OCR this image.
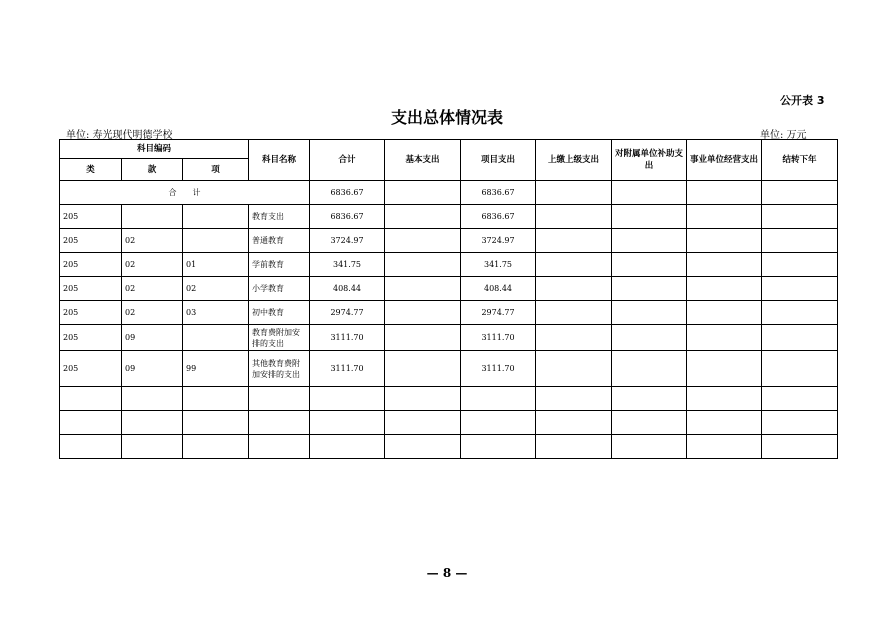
公开表 3
支出总体情况表
单位: 寿光现代明德学校	单位: 万元
科目编码			科目名称	合计	基本支出	项目支出	上缴上级支出	对附属单位补助支出	事业单位经营支出	结转下年
类	款	项								
合　　计				6836.67		6836.67				
205			教育支出	6836.67		6836.67				
205	02		普通教育	3724.97		3724.97				
205	02	01	学前教育	341.75		341.75				
205	02	02	小学教育	408.44		408.44				
205	02	03	初中教育	2974.77		2974.77				
205	09		教育费附加安排的支出	3111.70		3111.70				
205	09	99	其他教育费附加安排的支出	3111.70		3111.70				

— 8 —
